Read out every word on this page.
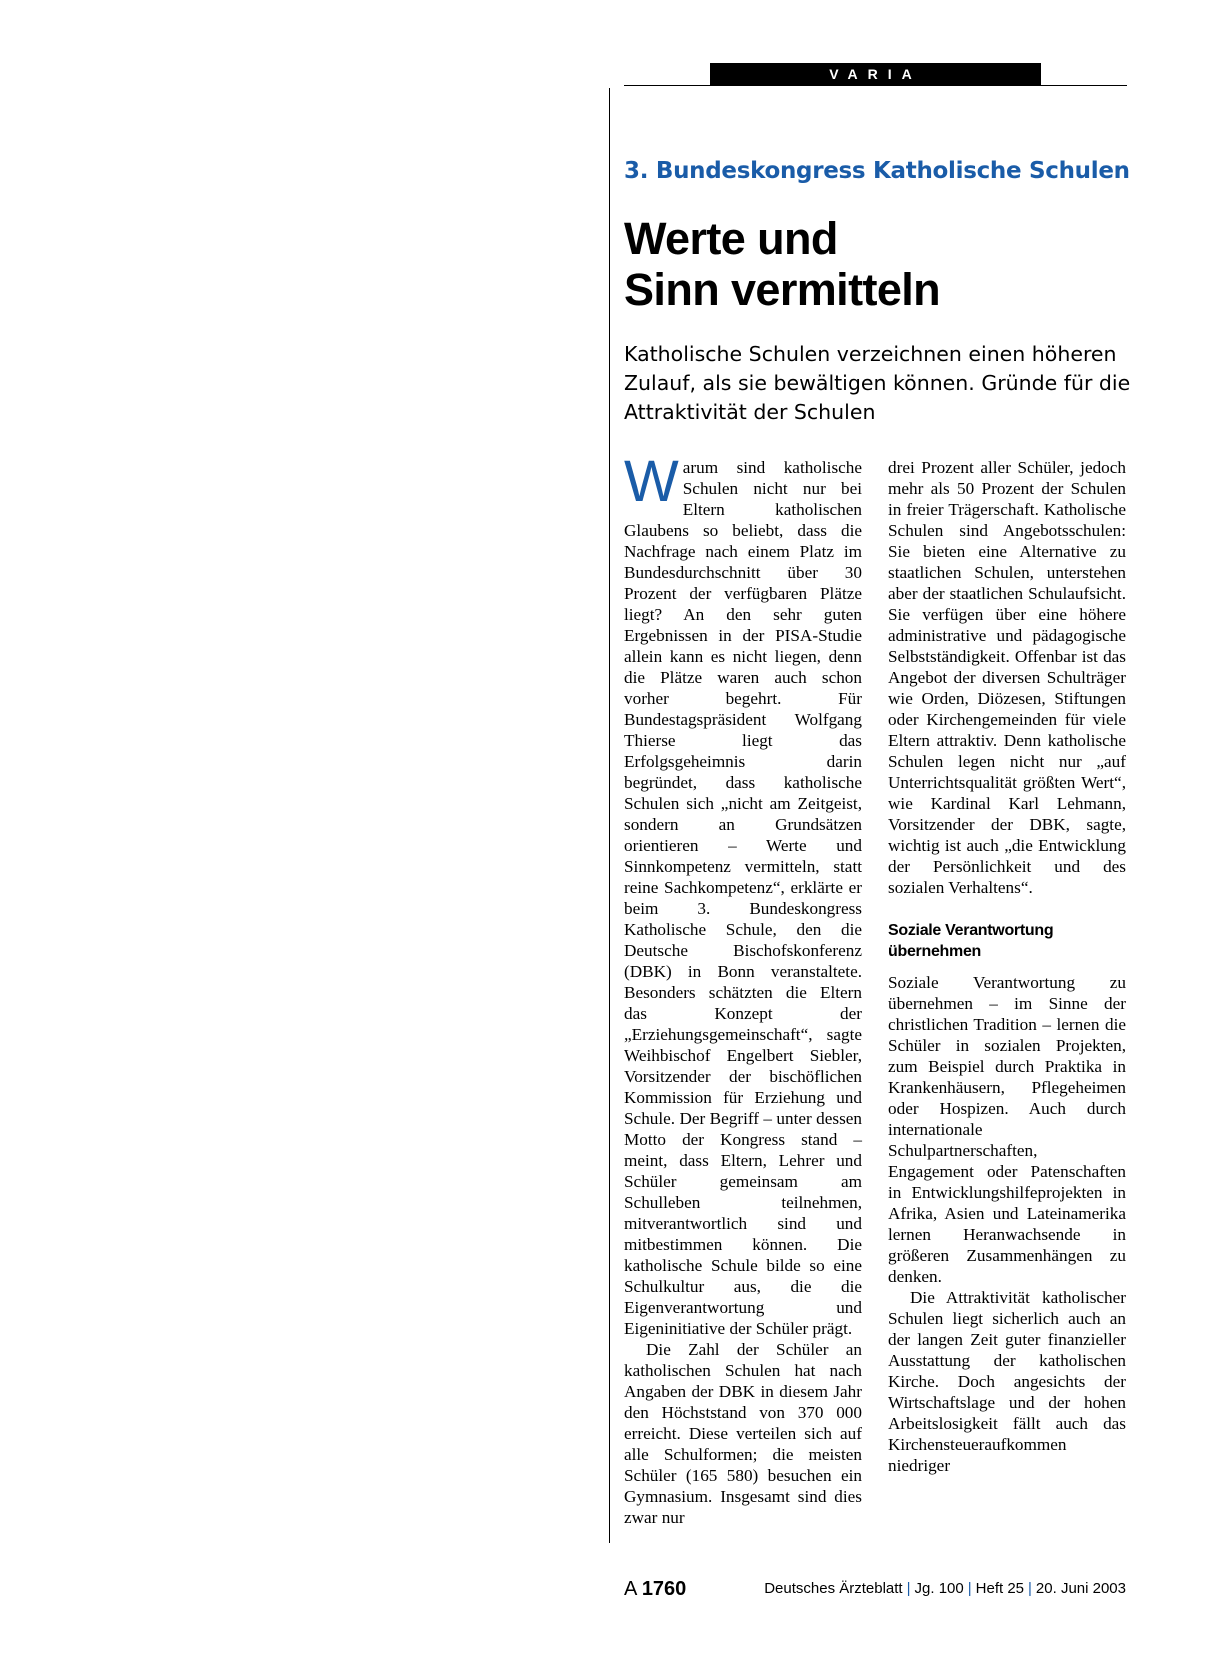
VARIA
3. Bundeskongress Katholische Schulen
Werte und
Sinn vermitteln
Katholische Schulen verzeichnen einen höheren
Zulauf, als sie bewältigen können. Gründe für die
Attraktivität der Schulen

Warum sind katholische Schulen nicht nur bei Eltern katholischen Glaubens so beliebt, dass die Nachfrage nach einem Platz im Bundesdurchschnitt über 30 Prozent der verfügbaren Plätze liegt? An den sehr guten Ergebnissen in der PISA-Studie allein kann es nicht liegen, denn die Plätze waren auch schon vorher begehrt. Für Bundestagspräsident Wolfgang Thierse liegt das Erfolgsgeheimnis darin begründet, dass katholische Schulen sich „nicht am Zeitgeist, sondern an Grundsätzen orientieren – Werte und Sinnkompetenz vermitteln, statt reine Sachkompetenz“, erklärte er beim 3. Bundeskongress Katholische Schule, den die Deutsche Bischofskonferenz (DBK) in Bonn veranstaltete. Besonders schätzten die Eltern das Konzept der „Erziehungsgemeinschaft“, sagte Weihbischof Engelbert Siebler, Vorsitzender der bischöflichen Kommission für Erziehung und Schule. Der Begriff – unter dessen Motto der Kongress stand – meint, dass Eltern, Lehrer und Schüler gemeinsam am Schulleben teilnehmen, mitverantwortlich sind und mitbestimmen können. Die katholische Schule bilde so eine Schulkultur aus, die die Eigenverantwortung und Eigeninitiative der Schüler prägt.

Die Zahl der Schüler an katholischen Schulen hat nach Angaben der DBK in diesem Jahr den Höchststand von 370 000 erreicht. Diese verteilen sich auf alle Schulformen; die meisten Schüler (165 580) besuchen ein Gymnasium. Insgesamt sind dies zwar nur

drei Prozent aller Schüler, jedoch mehr als 50 Prozent der Schulen in freier Trägerschaft. Katholische Schulen sind Angebotsschulen: Sie bieten eine Alternative zu staatlichen Schulen, unterstehen aber der staatlichen Schulaufsicht. Sie verfügen über eine höhere administrative und pädagogische Selbstständigkeit. Offenbar ist das Angebot der diversen Schulträger wie Orden, Diözesen, Stiftungen oder Kirchengemeinden für viele Eltern attraktiv. Denn katholische Schulen legen nicht nur „auf Unterrichtsqualität größten Wert“, wie Kardinal Karl Lehmann, Vorsitzender der DBK, sagte, wichtig ist auch „die Entwicklung der Persönlichkeit und des sozialen Verhaltens“.

Soziale Verantwortung übernehmen

Soziale Verantwortung zu übernehmen – im Sinne der christlichen Tradition – lernen die Schüler in sozialen Projekten, zum Beispiel durch Praktika in Krankenhäusern, Pflegeheimen oder Hospizen. Auch durch internationale Schulpartnerschaften, Engagement oder Patenschaften in Entwicklungshilfeprojekten in Afrika, Asien und Lateinamerika lernen Heranwachsende in größeren Zusammenhängen zu denken.

Die Attraktivität katholischer Schulen liegt sicherlich auch an der langen Zeit guter finanzieller Ausstattung der katholischen Kirche. Doch angesichts der Wirtschaftslage und der hohen Arbeitslosigkeit fällt auch das Kirchensteueraufkommen niedriger

A 1760	Deutsches Ärzteblatt | Jg. 100 | Heft 25 | 20. Juni 2003
